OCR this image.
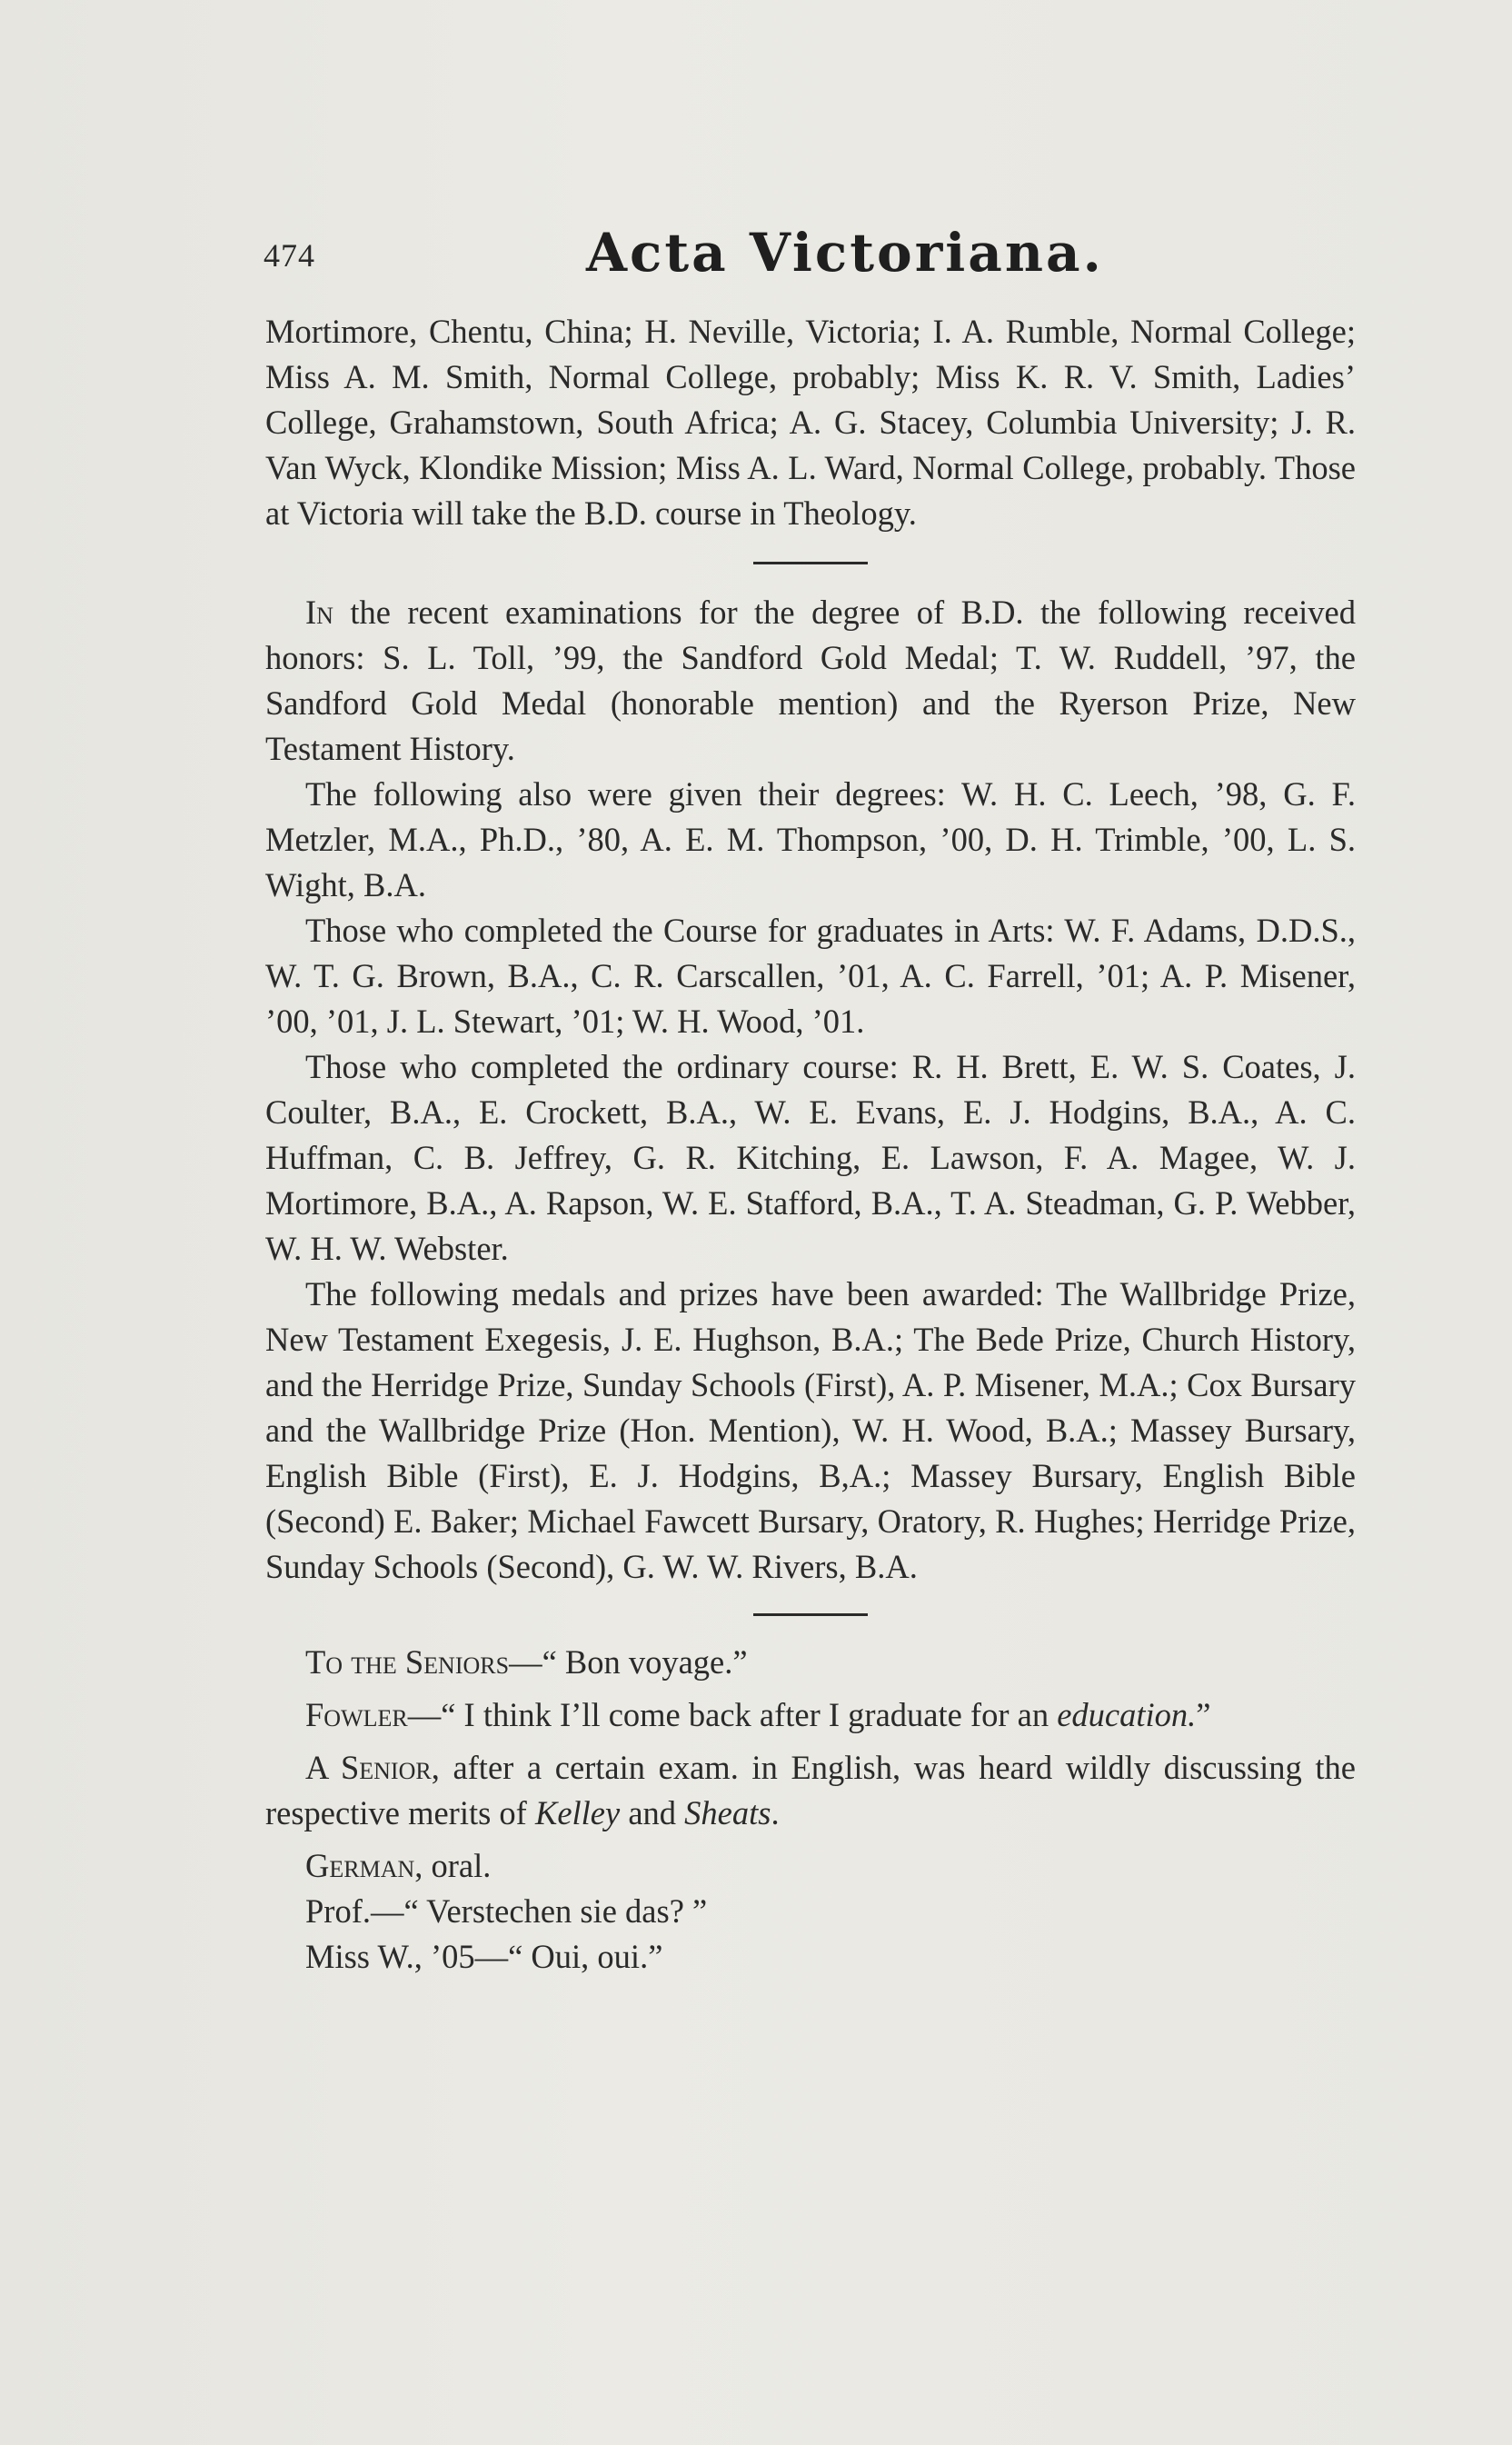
474	Acta Victoriana.

Mortimore, Chentu, China; H. Neville, Victoria; I. A. Rumble, Normal College; Miss A. M. Smith, Normal College, probably; Miss K. R. V. Smith, Ladies’ College, Grahamstown, South Africa; A. G. Stacey, Columbia University; J. R. Van Wyck, Klondike Mission; Miss A. L. Ward, Normal College, probably. Those at Victoria will take the B.D. course in Theology.

In the recent examinations for the degree of B.D. the following received honors: S. L. Toll, ’99, the Sandford Gold Medal; T. W. Ruddell, ’97, the Sandford Gold Medal (honorable mention) and the Ryerson Prize, New Testament History.

The following also were given their degrees: W. H. C. Leech, ’98, G. F. Metzler, M.A., Ph.D., ’80, A. E. M. Thompson, ’00, D. H. Trimble, ’00, L. S. Wight, B.A.

Those who completed the Course for graduates in Arts: W. F. Adams, D.D.S., W. T. G. Brown, B.A., C. R. Carscallen, ’01, A. C. Farrell, ’01; A. P. Misener, ’00, ’01, J. L. Stewart, ’01; W. H. Wood, ’01.

Those who completed the ordinary course: R. H. Brett, E. W. S. Coates, J. Coulter, B.A., E. Crockett, B.A., W. E. Evans, E. J. Hodgins, B.A., A. C. Huffman, C. B. Jeffrey, G. R. Kitching, E. Lawson, F. A. Magee, W. J. Mortimore, B.A., A. Rapson, W. E. Stafford, B.A., T. A. Steadman, G. P. Webber, W. H. W. Webster.

The following medals and prizes have been awarded: The Wallbridge Prize, New Testament Exegesis, J. E. Hughson, B.A.; The Bede Prize, Church History, and the Herridge Prize, Sunday Schools (First), A. P. Misener, M.A.; Cox Bursary and the Wallbridge Prize (Hon. Mention), W. H. Wood, B.A.; Massey Bursary, English Bible (First), E. J. Hodgins, B,A.; Massey Bursary, English Bible (Second) E. Baker; Michael Fawcett Bursary, Oratory, R. Hughes; Herridge Prize, Sunday Schools (Second), G. W. W. Rivers, B.A.

To the Seniors—“ Bon voyage.”

Fowler—“ I think I’ll come back after I graduate for an education.”

A Senior, after a certain exam. in English, was heard wildly discussing the respective merits of Kelley and Sheats.

German, oral.

Prof.—“ Verstechen sie das? ”

Miss W., ’05—“ Oui, oui.”
